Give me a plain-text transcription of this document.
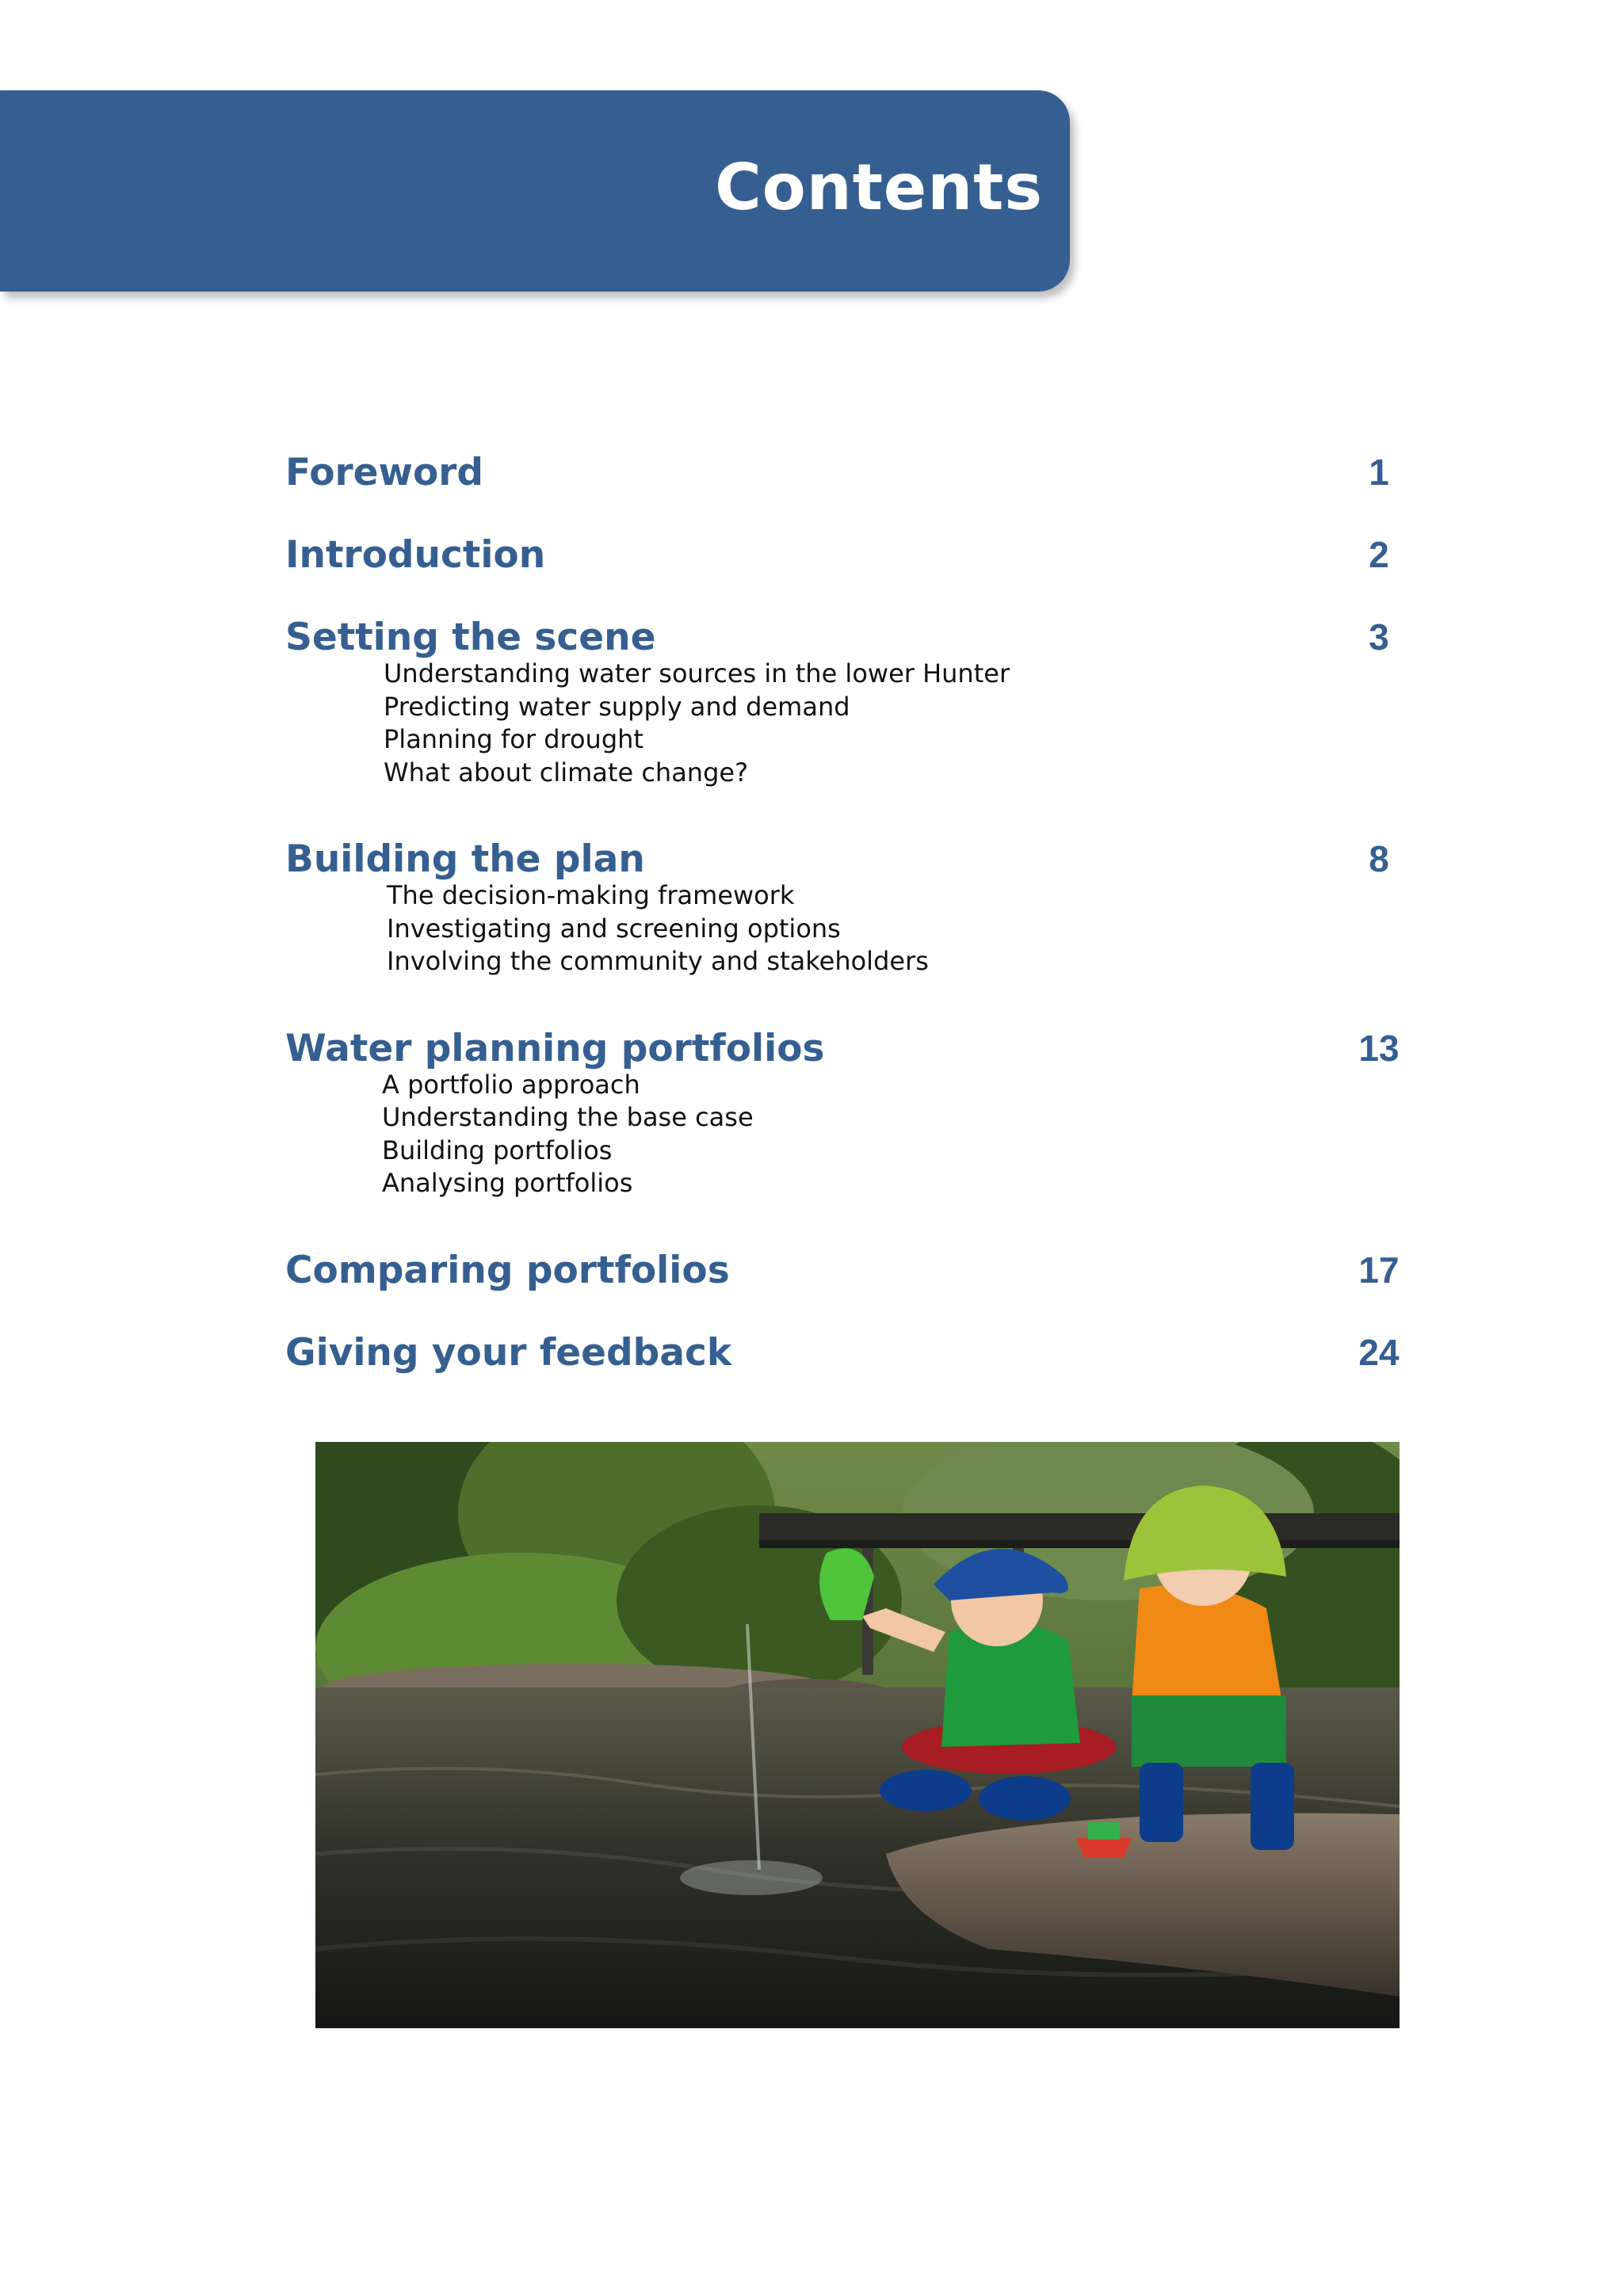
Contents
Foreword	1
Introduction	2
Setting the scene	3
Understanding water sources in the lower Hunter
Predicting water supply and demand
Planning for drought
What about climate change?
Building the plan	8
The decision-making framework
Investigating and screening options
Involving the community and stakeholders
Water planning portfolios	13
A portfolio approach
Understanding the base case
Building portfolios
Analysing portfolios
Comparing portfolios	17
Giving your feedback	24
